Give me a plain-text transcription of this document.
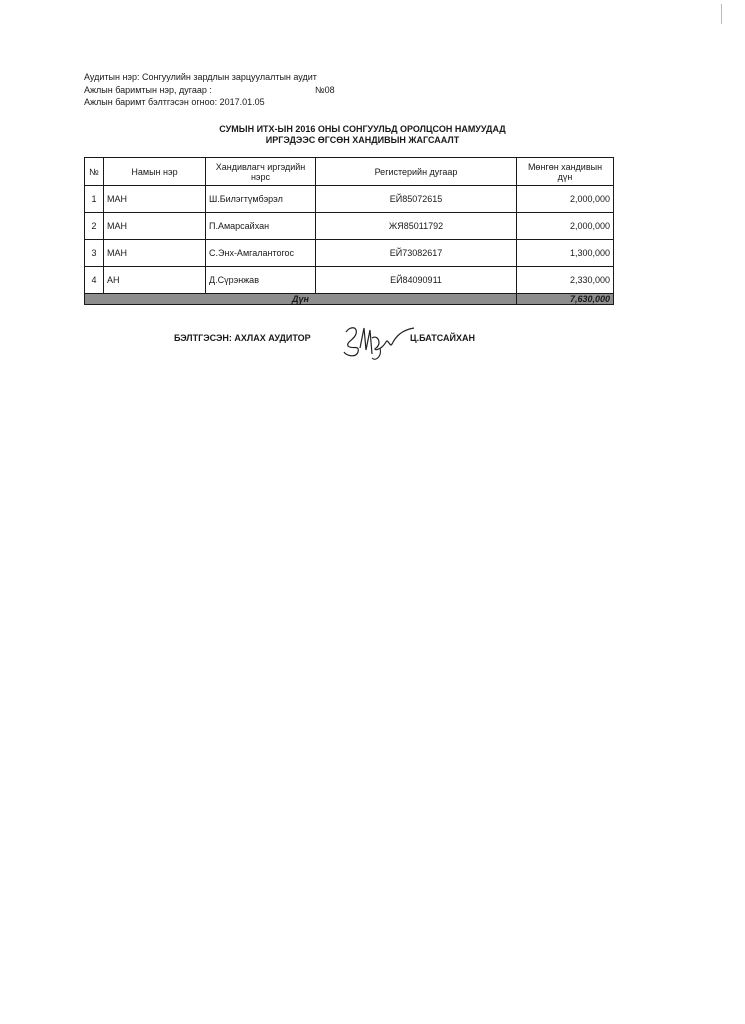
Аудитын нэр: Сонгуулийн зардлын зарцуулалтын аудит
Ажлын баримтын нэр, дугаар :	№08
Ажлын баримт бэлтгэсэн огноо: 2017.01.05
СУМЫН ИТХ-ЫН 2016 ОНЫ СОНГУУЛЬД ОРОЛЦСОН НАМУУДАД
ИРГЭДЭЭС ӨГСӨН ХАНДИВЫН ЖАГСААЛТ
№	Намын нэр	Хандивлагч иргэдийн нэрс	Регистерийн дугаар	Мөнгөн хандивын дүн
1	МАН	Ш.Билэгтүмбэрэл	ЕЙ85072615	2,000,000
2	МАН	П.Амарсайхан	ЖЯ85011792	2,000,000
3	МАН	С.Энх-Амгалантогос	ЕЙ73082617	1,300,000
4	АН	Д.Сүрэнжав	ЕЙ84090911	2,330,000
Дүн				7,630,000
БЭЛТГЭСЭН: АХЛАХ АУДИТОР	Ц.БАТСАЙХАН
